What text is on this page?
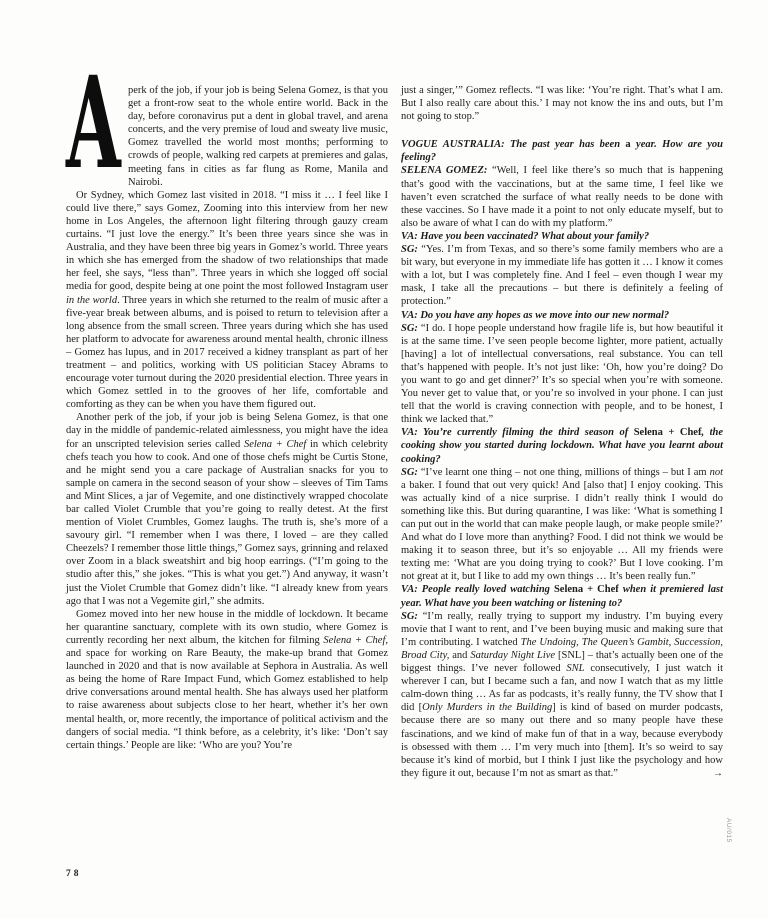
A perk of the job, if your job is being Selena Gomez, is that you get a front-row seat to the whole entire world. Back in the day, before coronavirus put a dent in global travel, and arena concerts, and the very premise of loud and sweaty live music, Gomez travelled the world most months; performing to crowds of people, walking red carpets at premieres and galas, meeting fans in cities as far flung as Rome, Manila and Nairobi.

Or Sydney, which Gomez last visited in 2018. “I miss it … I feel like I could live there,” says Gomez, Zooming into this interview from her new home in Los Angeles, the afternoon light filtering through gauzy cream curtains. “I just love the energy.” It’s been three years since she was in Australia, and they have been three big years in Gomez’s world. Three years in which she has emerged from the shadow of two relationships that made her feel, she says, “less than”. Three years in which she logged off social media for good, despite being at one point the most followed Instagram user in the world. Three years in which she returned to the realm of music after a five-year break between albums, and is poised to return to television after a long absence from the small screen. Three years during which she has used her platform to advocate for awareness around mental health, chronic illness – Gomez has lupus, and in 2017 received a kidney transplant as part of her treatment – and politics, working with US politician Stacey Abrams to encourage voter turnout during the 2020 presidential election. Three years in which Gomez settled in to the grooves of her life, comfortable and comforting as they can be when you have them figured out.

Another perk of the job, if your job is being Selena Gomez, is that one day in the middle of pandemic-related aimlessness, you might have the idea for an unscripted television series called Selena + Chef in which celebrity chefs teach you how to cook. And one of those chefs might be Curtis Stone, and he might send you a care package of Australian snacks for you to sample on camera in the second season of your show – sleeves of Tim Tams and Mint Slices, a jar of Vegemite, and one distinctively wrapped chocolate bar called Violet Crumble that you’re going to really detest. At the first mention of Violet Crumbles, Gomez laughs. The truth is, she’s more of a savoury girl. “I remember when I was there, I loved – are they called Cheezels? I remember those little things,” Gomez says, grinning and relaxed over Zoom in a black sweatshirt and big hoop earrings. (“I’m going to the studio after this,” she jokes. “This is what you get.”) And anyway, it wasn’t just the Violet Crumble that Gomez didn’t like. “I already knew from years ago that I was not a Vegemite girl,” she admits.

Gomez moved into her new house in the middle of lockdown. It became her quarantine sanctuary, complete with its own studio, where Gomez is currently recording her next album, the kitchen for filming Selena + Chef, and space for working on Rare Beauty, the make-up brand that Gomez launched in 2020 and that is now available at Sephora in Australia. As well as being the home of Rare Impact Fund, which Gomez established to help drive conversations around mental health. She has always used her platform to raise awareness about subjects close to her heart, whether it’s her own mental health, or, more recently, the importance of political activism and the dangers of social media. “I think before, as a celebrity, it’s like: ‘Don’t say certain things.’ People are like: ‘Who are you? You’re

just a singer,’” Gomez reflects. “I was like: ‘You’re right. That’s what I am. But I also really care about this.’ I may not know the ins and outs, but I’m not going to stop.”

VOGUE AUSTRALIA: The past year has been a year. How are you feeling?

SELENA GOMEZ: “Well, I feel like there’s so much that is happening that’s good with the vaccinations, but at the same time, I feel like we haven’t even scratched the surface of what really needs to be done with these vaccines. So I have made it a point to not only educate myself, but to also be aware of what I can do with my platform.”

VA: Have you been vaccinated? What about your family?

SG: “Yes. I’m from Texas, and so there’s some family members who are a bit wary, but everyone in my immediate life has gotten it … I know it comes with a lot, but I was completely fine. And I feel – even though I wear my mask, I take all the precautions – but there is definitely a feeling of protection.”

VA: Do you have any hopes as we move into our new normal?

SG: “I do. I hope people understand how fragile life is, but how beautiful it is at the same time. I’ve seen people become lighter, more patient, actually [having] a lot of intellectual conversations, real substance. You can tell that’s happened with people. It’s not just like: ‘Oh, how you’re doing? Do you want to go and get dinner?’ It’s so special when you’re with someone. You never get to value that, or you’re so involved in your phone. I can just tell that the world is craving connection with people, and to be honest, I think we lacked that.”

VA: You’re currently filming the third season of Selena + Chef, the cooking show you started during lockdown. What have you learnt about cooking?

SG: “I’ve learnt one thing – not one thing, millions of things – but I am not a baker. I found that out very quick! And [also that] I enjoy cooking. This was actually kind of a nice surprise. I didn’t really think I would do something like this. But during quarantine, I was like: ‘What is something I can put out in the world that can make people laugh, or make people smile?’ And what do I love more than anything? Food. I did not think we would be making it to season three, but it’s so enjoyable … All my friends were texting me: ‘What are you doing trying to cook?’ But I love cooking. I’m not great at it, but I like to add my own things … It’s been really fun.”

VA: People really loved watching Selena + Chef when it premiered last year. What have you been watching or listening to?

SG: “I’m really, really trying to support my industry. I’m buying every movie that I want to rent, and I’ve been buying music and making sure that I’m contributing. I watched The Undoing, The Queen’s Gambit, Succession, Broad City, and Saturday Night Live [SNL] – that’s actually been one of the biggest things. I’ve never followed SNL consecutively, I just watch it wherever I can, but I became such a fan, and now I watch that as my little calm-down thing … As far as podcasts, it’s really funny, the TV show that I did [Only Murders in the Building] is kind of based on murder podcasts, because there are so many out there and so many people have these fascinations, and we kind of make fun of that in a way, because everybody is obsessed with them … I’m very much into [them]. It’s so weird to say because it’s kind of morbid, but I think I just like the psychology and how they figure it out, because I’m not as smart as that.”	→

78
AU/015
